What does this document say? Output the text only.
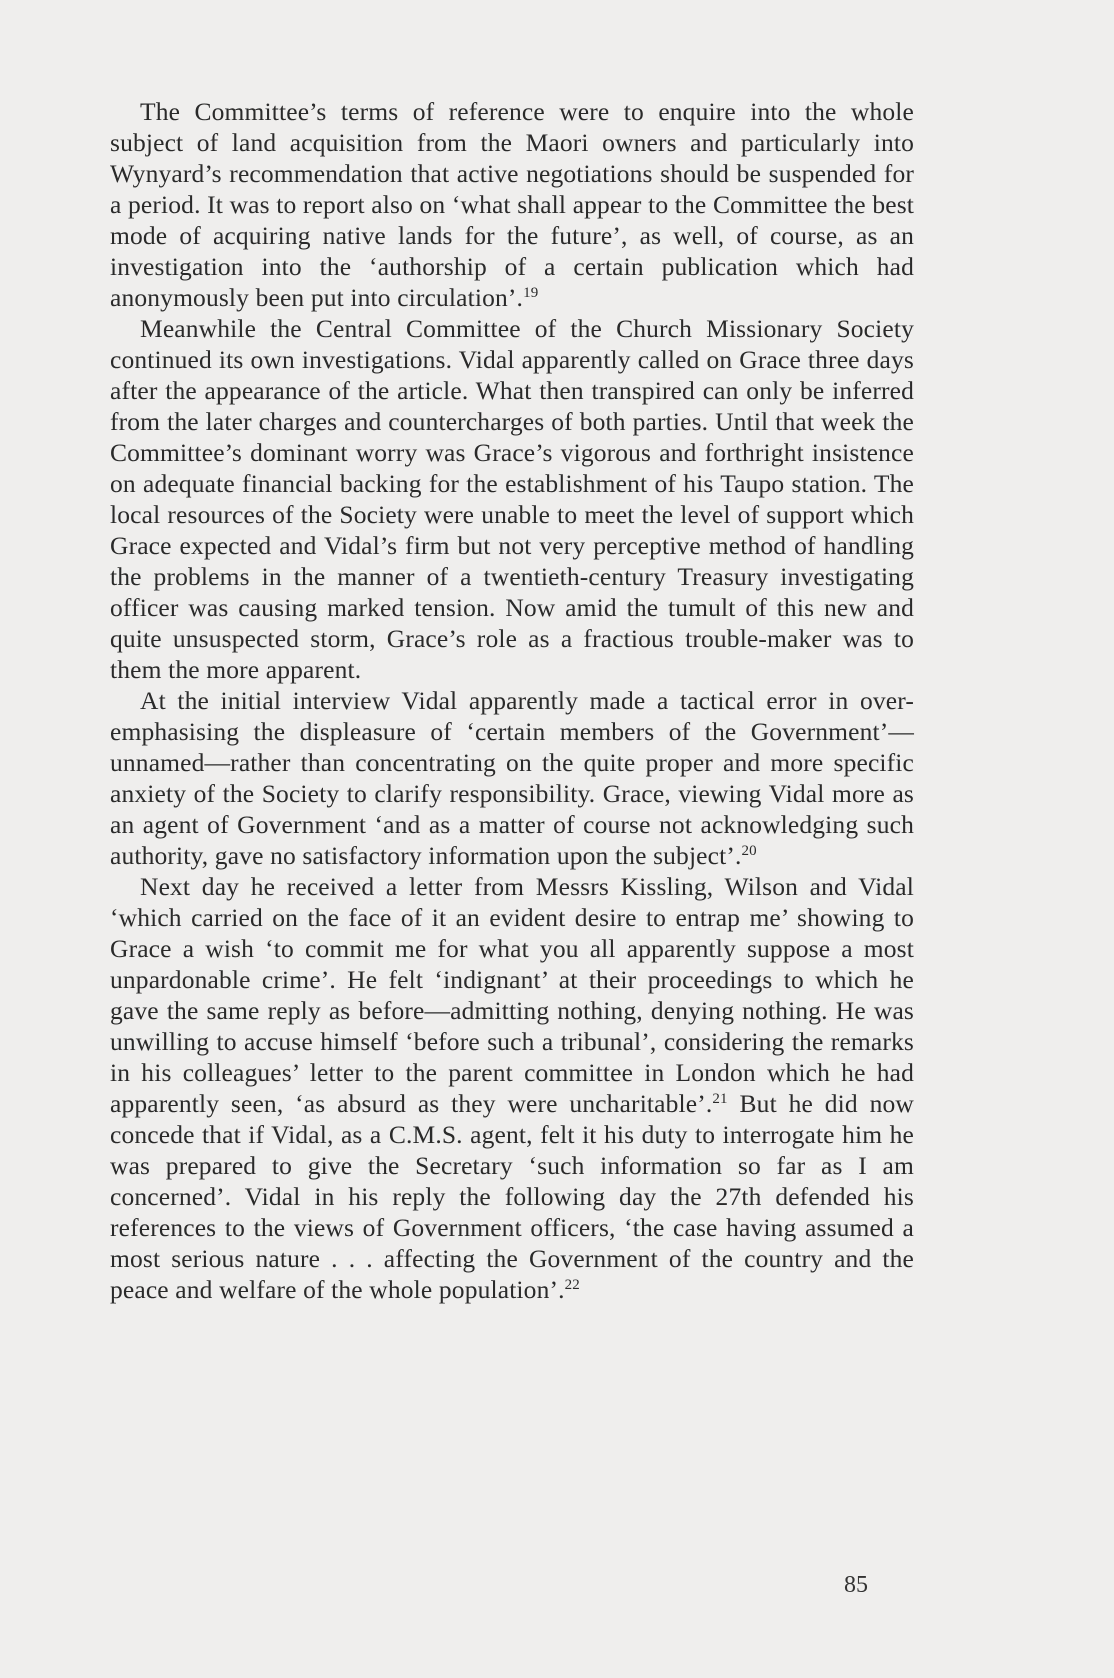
The Committee’s terms of reference were to enquire into the whole subject of land acquisition from the Maori owners and particularly into Wynyard’s recommendation that active negotiations should be suspended for a period. It was to report also on ‘what shall appear to the Committee the best mode of acquiring native lands for the future’, as well, of course, as an investigation into the ‘authorship of a certain publication which had anonymously been put into circulation’.$^{19}$

Meanwhile the Central Committee of the Church Missionary Society continued its own investigations. Vidal apparently called on Grace three days after the appearance of the article. What then transpired can only be inferred from the later charges and countercharges of both parties. Until that week the Committee’s dominant worry was Grace’s vigorous and forthright insistence on adequate financial backing for the establishment of his Taupo station. The local resources of the Society were unable to meet the level of support which Grace expected and Vidal’s firm but not very perceptive method of handling the problems in the manner of a twentieth-century Treasury investigating officer was causing marked tension. Now amid the tumult of this new and quite unsuspected storm, Grace’s role as a fractious trouble-maker was to them the more apparent.

At the initial interview Vidal apparently made a tactical error in over-emphasising the displeasure of ‘certain members of the Government’—unnamed—rather than concentrating on the quite proper and more specific anxiety of the Society to clarify responsibility. Grace, viewing Vidal more as an agent of Government ‘and as a matter of course not acknowledging such authority, gave no satisfactory information upon the subject’.$^{20}$

Next day he received a letter from Messrs Kissling, Wilson and Vidal ‘which carried on the face of it an evident desire to entrap me’ showing to Grace a wish ‘to commit me for what you all apparently suppose a most unpardonable crime’. He felt ‘indignant’ at their proceedings to which he gave the same reply as before—admitting nothing, denying nothing. He was unwilling to accuse himself ‘before such a tribunal’, considering the remarks in his colleagues’ letter to the parent committee in London which he had apparently seen, ‘as absurd as they were uncharitable’.$^{21}$ But he did now concede that if Vidal, as a C.M.S. agent, felt it his duty to interrogate him he was prepared to give the Secretary ‘such information so far as I am concerned’. Vidal in his reply the following day the 27th defended his references to the views of Government officers, ‘the case having assumed a most serious nature . . . affecting the Government of the country and the peace and welfare of the whole population’.$^{22}$

85
